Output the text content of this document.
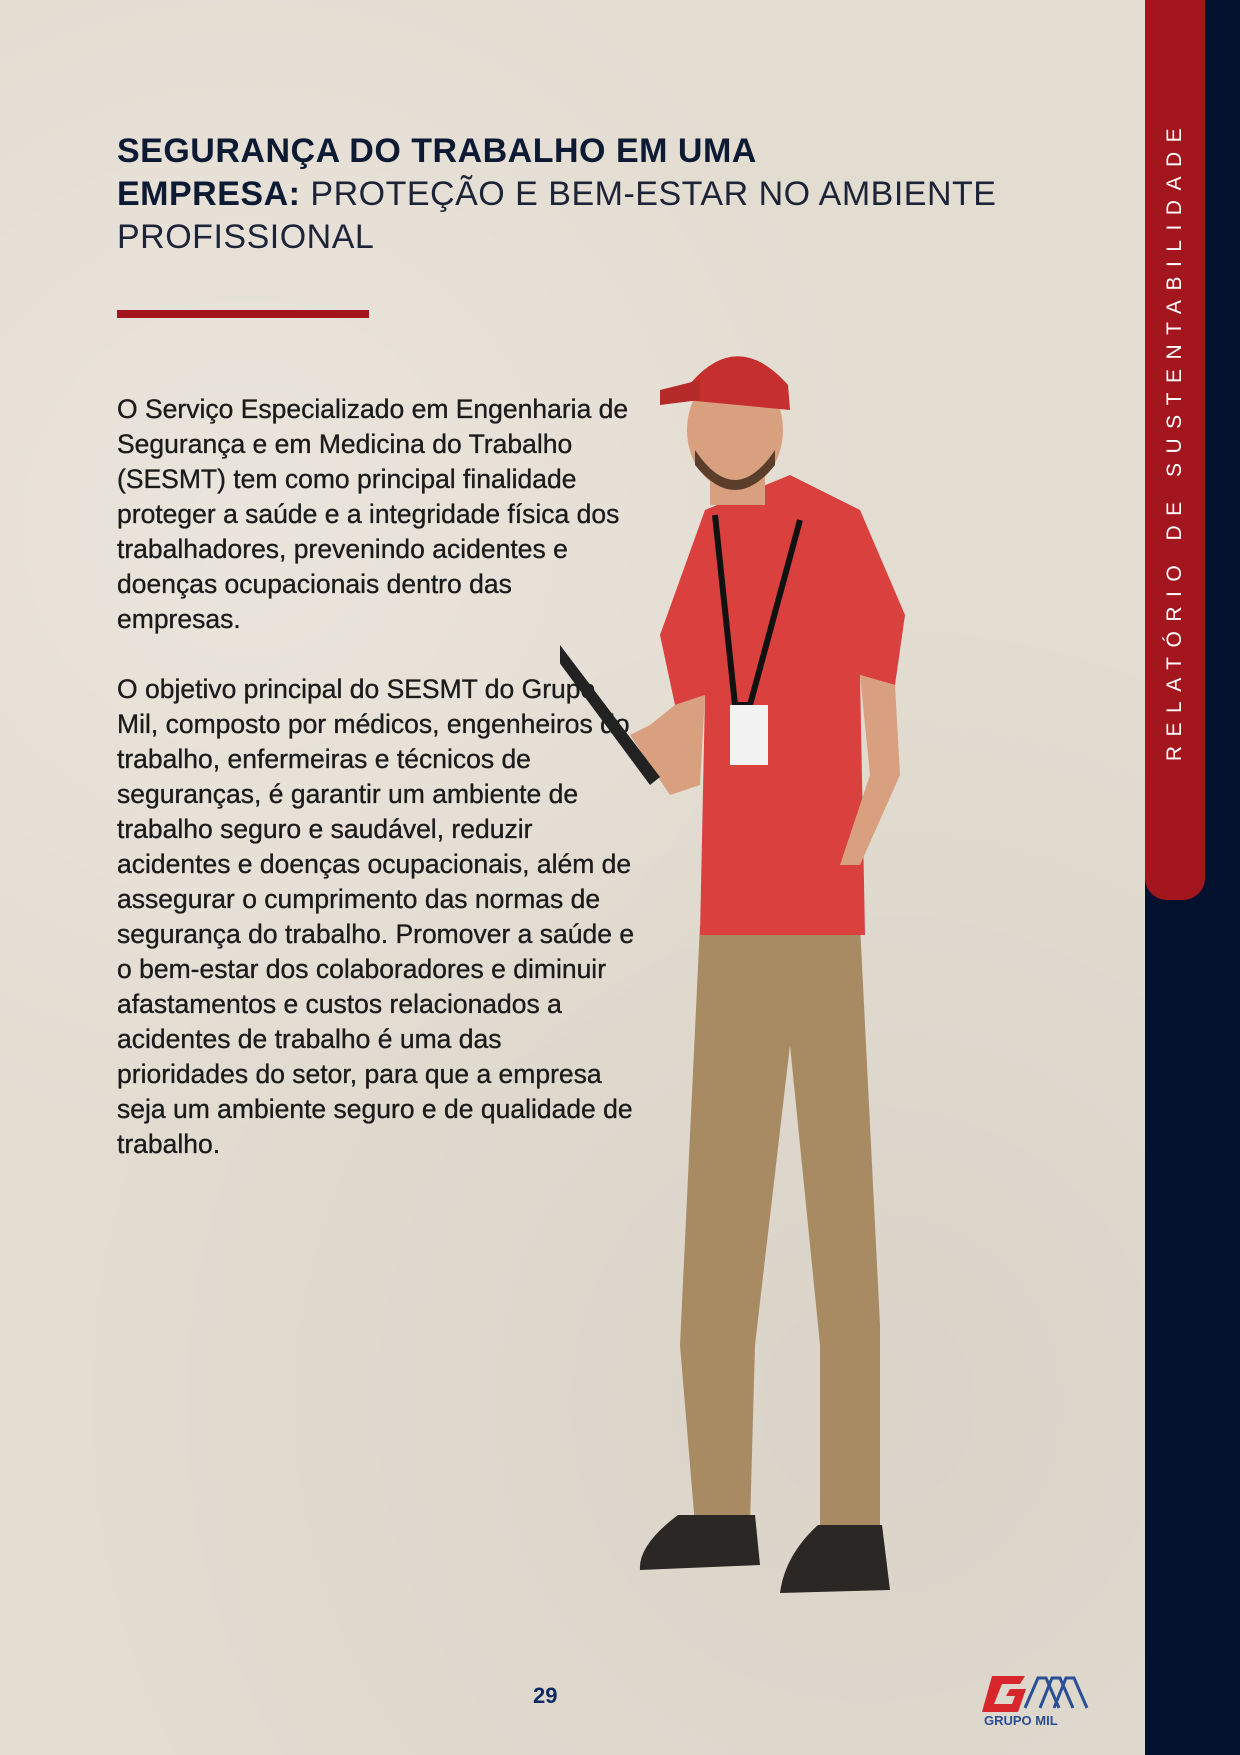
SEGURANÇA DO TRABALHO EM UMA
EMPRESA: PROTEÇÃO E BEM-ESTAR NO AMBIENTE PROFISSIONAL

O Serviço Especializado em Engenharia de Segurança e em Medicina do Trabalho (SESMT) tem como principal finalidade proteger a saúde e a integridade física dos trabalhadores, prevenindo acidentes e doenças ocupacionais dentro das empresas.

O objetivo principal do SESMT do Grupo Mil, composto por médicos, engenheiros do trabalho, enfermeiras e técnicos de seguranças, é garantir um ambiente de trabalho seguro e saudável, reduzir acidentes e doenças ocupacionais, além de assegurar o cumprimento das normas de segurança do trabalho. Promover a saúde e o bem-estar dos colaboradores e diminuir afastamentos e custos relacionados a acidentes de trabalho é uma das prioridades do setor, para que a empresa seja um ambiente seguro e de qualidade de trabalho.

RELATÓRIO DE SUSTENTABILIDADE
29
GRUPO MIL
